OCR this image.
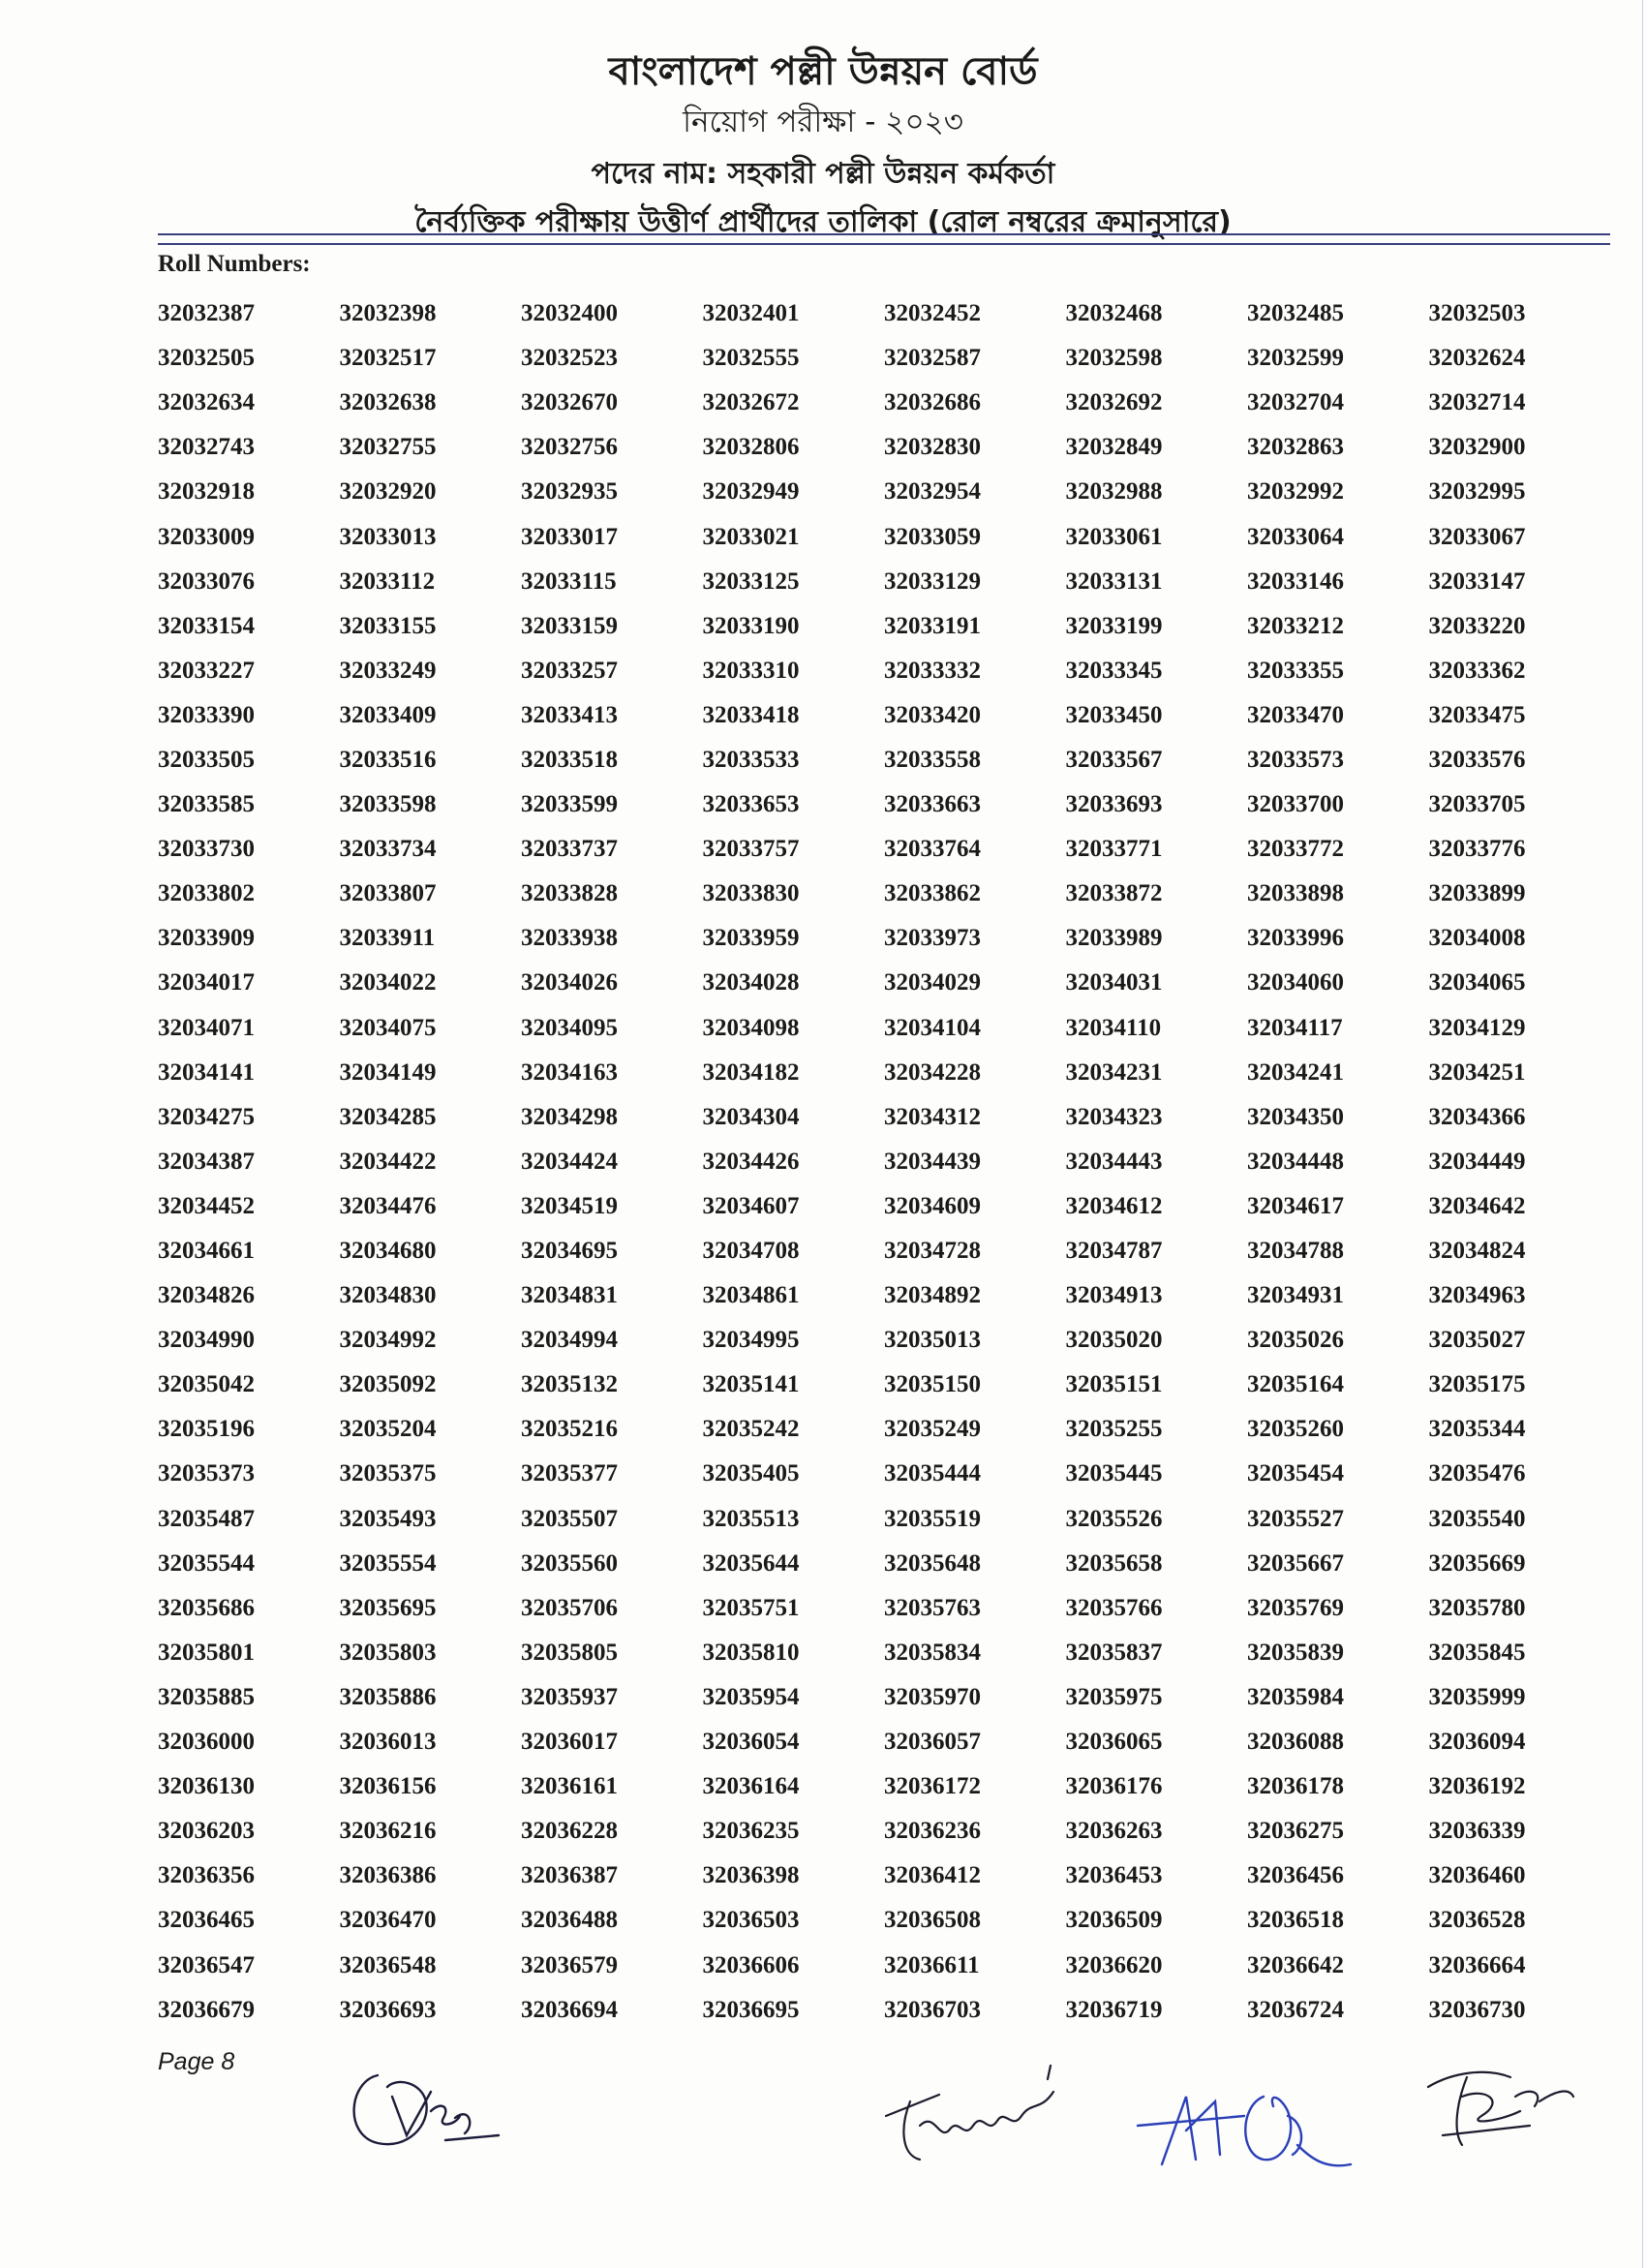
বাংলাদেশ পল্লী উন্নয়ন বোর্ড
নিয়োগ পরীক্ষা - ২০২৩
পদের নাম: সহকারী পল্লী উন্নয়ন কর্মকর্তা
নৈর্ব্যক্তিক পরীক্ষায় উত্তীর্ণ প্রার্থীদের তালিকা (রোল নম্বরের ক্রমানুসারে)
Roll Numbers:
32032387	32032398	32032400	32032401	32032452	32032468	32032485	32032503
32032505	32032517	32032523	32032555	32032587	32032598	32032599	32032624
32032634	32032638	32032670	32032672	32032686	32032692	32032704	32032714
32032743	32032755	32032756	32032806	32032830	32032849	32032863	32032900
32032918	32032920	32032935	32032949	32032954	32032988	32032992	32032995
32033009	32033013	32033017	32033021	32033059	32033061	32033064	32033067
32033076	32033112	32033115	32033125	32033129	32033131	32033146	32033147
32033154	32033155	32033159	32033190	32033191	32033199	32033212	32033220
32033227	32033249	32033257	32033310	32033332	32033345	32033355	32033362
32033390	32033409	32033413	32033418	32033420	32033450	32033470	32033475
32033505	32033516	32033518	32033533	32033558	32033567	32033573	32033576
32033585	32033598	32033599	32033653	32033663	32033693	32033700	32033705
32033730	32033734	32033737	32033757	32033764	32033771	32033772	32033776
32033802	32033807	32033828	32033830	32033862	32033872	32033898	32033899
32033909	32033911	32033938	32033959	32033973	32033989	32033996	32034008
32034017	32034022	32034026	32034028	32034029	32034031	32034060	32034065
32034071	32034075	32034095	32034098	32034104	32034110	32034117	32034129
32034141	32034149	32034163	32034182	32034228	32034231	32034241	32034251
32034275	32034285	32034298	32034304	32034312	32034323	32034350	32034366
32034387	32034422	32034424	32034426	32034439	32034443	32034448	32034449
32034452	32034476	32034519	32034607	32034609	32034612	32034617	32034642
32034661	32034680	32034695	32034708	32034728	32034787	32034788	32034824
32034826	32034830	32034831	32034861	32034892	32034913	32034931	32034963
32034990	32034992	32034994	32034995	32035013	32035020	32035026	32035027
32035042	32035092	32035132	32035141	32035150	32035151	32035164	32035175
32035196	32035204	32035216	32035242	32035249	32035255	32035260	32035344
32035373	32035375	32035377	32035405	32035444	32035445	32035454	32035476
32035487	32035493	32035507	32035513	32035519	32035526	32035527	32035540
32035544	32035554	32035560	32035644	32035648	32035658	32035667	32035669
32035686	32035695	32035706	32035751	32035763	32035766	32035769	32035780
32035801	32035803	32035805	32035810	32035834	32035837	32035839	32035845
32035885	32035886	32035937	32035954	32035970	32035975	32035984	32035999
32036000	32036013	32036017	32036054	32036057	32036065	32036088	32036094
32036130	32036156	32036161	32036164	32036172	32036176	32036178	32036192
32036203	32036216	32036228	32036235	32036236	32036263	32036275	32036339
32036356	32036386	32036387	32036398	32036412	32036453	32036456	32036460
32036465	32036470	32036488	32036503	32036508	32036509	32036518	32036528
32036547	32036548	32036579	32036606	32036611	32036620	32036642	32036664
32036679	32036693	32036694	32036695	32036703	32036719	32036724	32036730
Page 8
